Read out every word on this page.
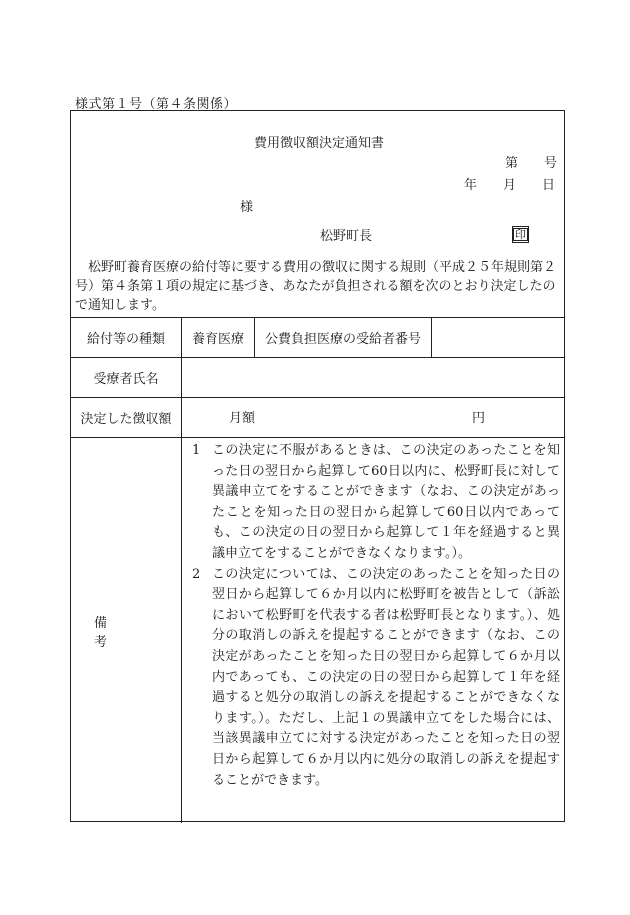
様式第１号（第４条関係）
費用徴収額決定通知書
第　　号
年　　月　　日
様
松野町長	印
　松野町養育医療の給付等に要する費用の徴収に関する規則（平成２５年規則第２号）第４条第１項の規定に基づき、あなたが負担される額を次のとおり決定したので通知します。
給付等の種類	養育医療	公費負担医療の受給者番号
受療者氏名
決定した徴収額	月額	円
備　考
1 この決定に不服があるときは、この決定のあったことを知った日の翌日から起算して60日以内に、松野町長に対して異議申立てをすることができます（なお、この決定があったことを知った日の翌日から起算して60日以内であっても、この決定の日の翌日から起算して１年を経過すると異議申立てをすることができなくなります。）。
2 この決定については、この決定のあったことを知った日の翌日から起算して６か月以内に松野町を被告として（訴訟において松野町を代表する者は松野町長となります。）、処分の取消しの訴えを提起することができます（なお、この決定があったことを知った日の翌日から起算して６か月以内であっても、この決定の日の翌日から起算して１年を経過すると処分の取消しの訴えを提起することができなくなります。）。ただし、上記１の異議申立てをした場合には、当該異議申立てに対する決定があったことを知った日の翌日から起算して６か月以内に処分の取消しの訴えを提起することができます。
